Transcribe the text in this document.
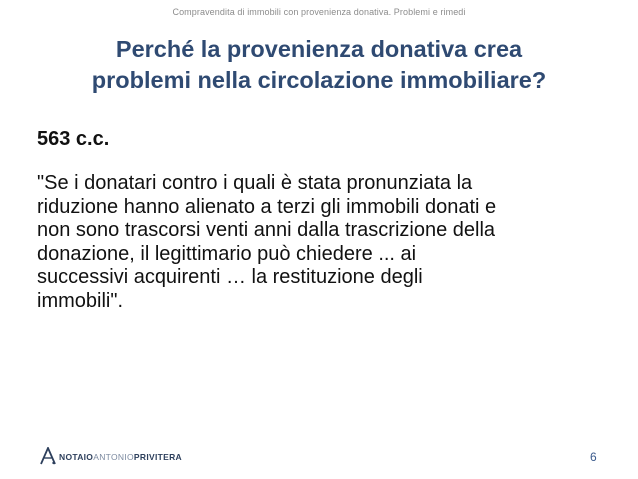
Compravendita di immobili con provenienza donativa. Problemi e rimedi
Perché la provenienza donativa crea
problemi nella circolazione immobiliare?
563 c.c.
"Se i donatari contro i quali è stata pronunziata la
riduzione hanno alienato a terzi gli immobili donati e
non sono trascorsi venti anni dalla trascrizione della
donazione, il legittimario può chiedere ... ai
successivi acquirenti … la restituzione degli
immobili".
NOTAIOANTONIOPRIVITERA	6
